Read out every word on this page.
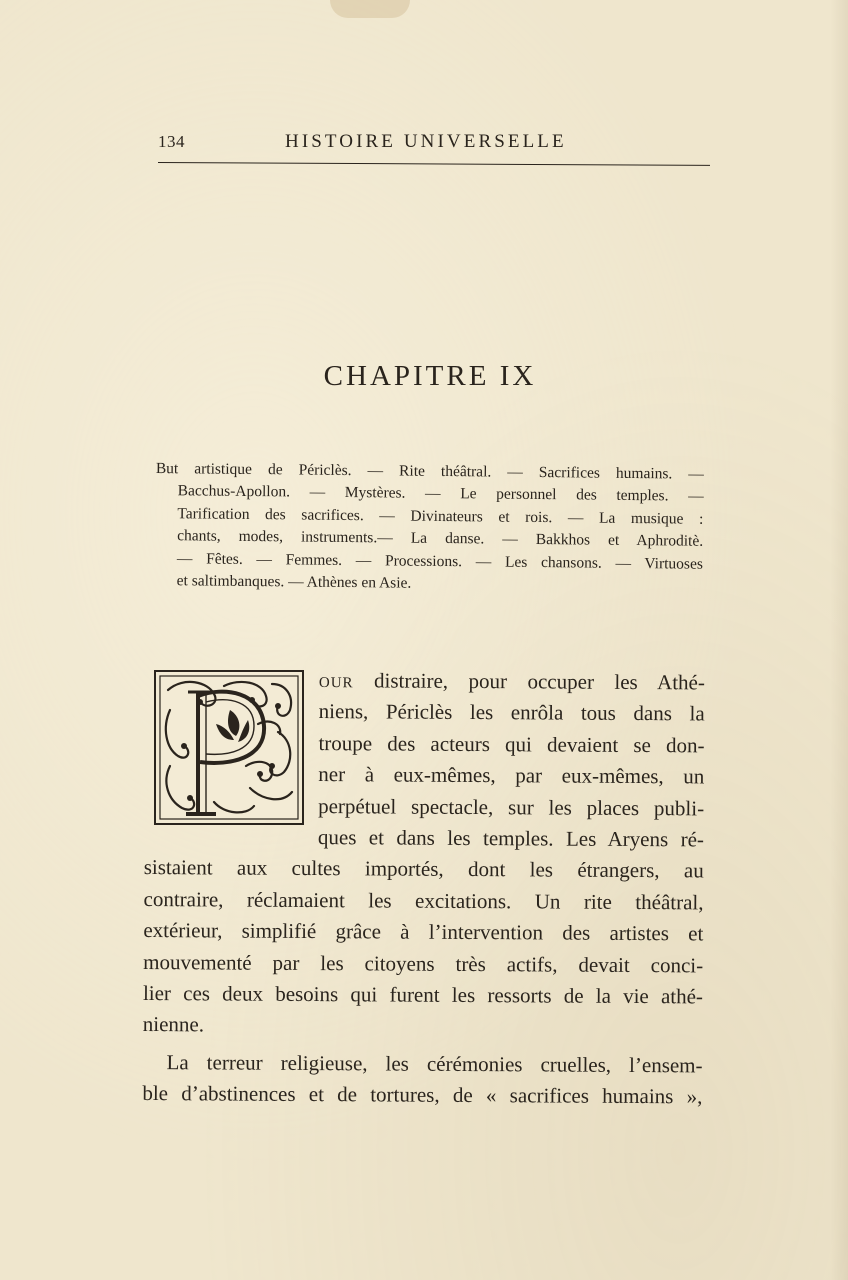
134	HISTOIRE UNIVERSELLE
CHAPITRE IX
But artistique de Périclès. — Rite théâtral. — Sacrifices humains. —
Bacchus-Apollon. — Mystères. — Le personnel des temples. —
Tarification des sacrifices. — Divinateurs et rois. — La musique :
chants, modes, instruments.— La danse. — Bakkhos et Aphroditè.
— Fêtes. — Femmes. — Processions. — Les chansons. — Virtuoses
et saltimbanques. — Athènes en Asie.
our distraire, pour occuper les Athé-
niens, Périclès les enrôla tous dans la
troupe des acteurs qui devaient se don-
ner à eux-mêmes, par eux-mêmes, un
perpétuel spectacle, sur les places publi-
ques et dans les temples. Les Aryens ré-
sistaient aux cultes importés, dont les étrangers, au
contraire, réclamaient les excitations. Un rite théâtral,
extérieur, simplifié grâce à l’intervention des artistes et
mouvementé par les citoyens très actifs, devait conci-
lier ces deux besoins qui furent les ressorts de la vie athé-
nienne.
La terreur religieuse, les cérémonies cruelles, l’ensem-
ble d’abstinences et de tortures, de « sacrifices humains »,
